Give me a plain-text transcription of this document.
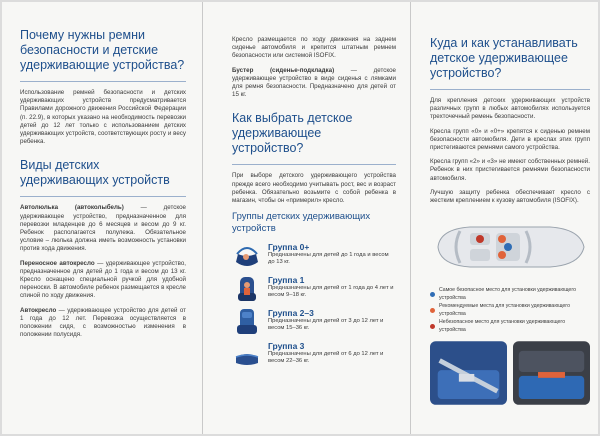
Почему нужны ремни безопасности и детские удерживающие устройства?

Использование ремней безопасности и детских удерживающих устройств предусматривается Правилами дорожного движения Российской Федерации (п. 22.9), в которых указано на необходимость перевозки детей до 12 лет только с использованием детских удерживающих устройств, соответствующих росту и весу ребенка.

Виды детских удерживающих устройств

Автолюлька (автоколыбель) — детское удерживающее устройство, предназначенное для перевозки младенцев до 6 месяцев и весом до 9 кг. Ребенок располагается полулежа. Обязательное условие – люлька должна иметь возможность установки против хода движения.

Переносное автокресло — удерживающее устройство, предназначенное для детей до 1 года и весом до 13 кг. Кресло оснащено специальной ручкой для удобной переноски. В автомобиле ребенок размещается в кресле спиной по ходу движения.

Автокресло — удерживающее устройство для детей от 1 года до 12 лет. Перевозка осуществляется в положении сидя, с возможностью изменения в положении полусидя.

Кресло размещается по ходу движения на заднем сиденье автомобиля и крепится штатным ремнем безопасности или системой ISOFIX.

Бустер (сиденье-подкладка) — детское удерживающее устройство в виде сиденья с лямками для ремня безопасности. Предназначено для детей от 15 кг.

Как выбрать детское удерживающее устройство?

При выборе детского удерживающего устройства прежде всего необходимо учитывать рост, вес и возраст ребенка. Обязательно возьмите с собой ребенка в магазин, чтобы он «примерил» кресло.

Группы детских удерживающих устройств
Группа 0+
Предназначены для детей до 1 года и весом до 13 кг.
Группа 1
Предназначены для детей от 1 года до 4 лет и весом 9–18 кг.
Группа 2–3
Предназначены для детей от 3 до 12 лет и весом 15–36 кг.
Группа 3
Предназначены для детей от 6 до 12 лет и весом 22–36 кг.
Куда и как устанавливать детское удерживающее устройство?

Для крепления детских удерживающих устройств различных групп в любых автомобилях используется трехточечный ремень безопасности.

Кресла групп «0» и «0+» крепятся к сиденью ремнем безопасности автомобиля. Дети в креслах этих групп пристегиваются ремнями самого устройства.

Кресла групп «2» и «3» не имеют собственных ремней. Ребенок в них пристегивается ремнями безопасности автомобиля.

Лучшую защиту ребенка обеспечивает кресло с жестким креплением к кузову автомобиля (ISOFIX).

Самое безопасное место для установки удерживающего устройства
Рекомендуемые места для установки удерживающего устройства
Небезопасное место для установки удерживающего устройства
